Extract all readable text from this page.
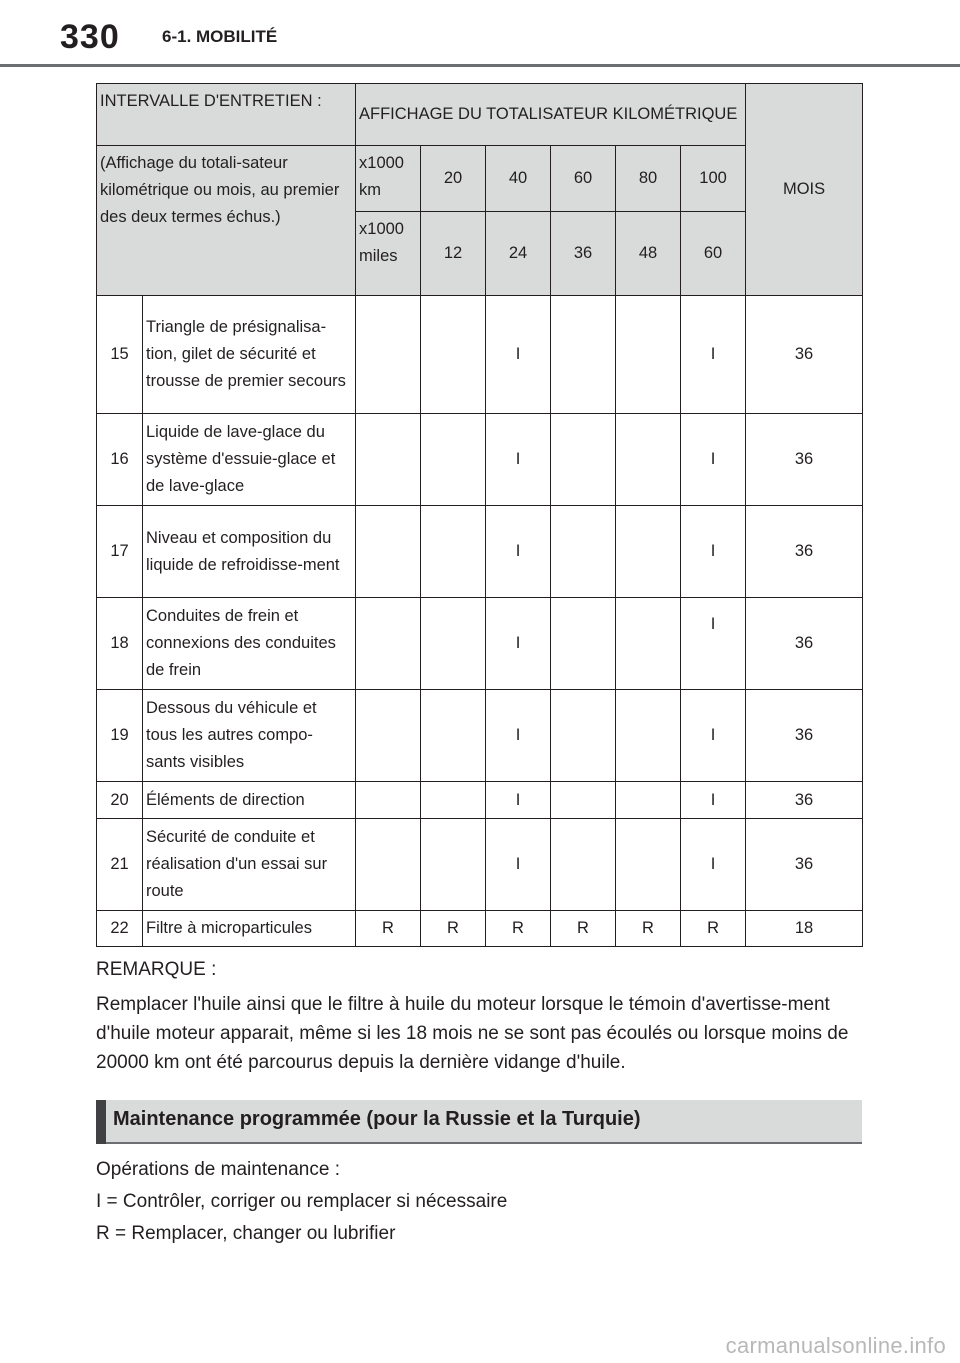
330 6-1. MOBILITÉ
INTERVALLE D'ENTRETIEN :		AFFICHAGE DU TOTALISATEUR KILOMÉTRIQUE						MOIS
(Affichage du totali-sateur kilométrique ou mois, au premier des deux termes échus.)		x1000 km	20	40	60	80	100	
		x1000 miles	12	24	36	48	60	
15	Triangle de présignalisa-tion, gilet de sécurité et trousse de premier secours			I			I	36
16	Liquide de lave-glace du système d'essuie-glace et de lave-glace			I			I	36
17	Niveau et composition du liquide de refroidisse-ment			I			I	36
18	Conduites de frein et connexions des conduites de frein			I			I	36
19	Dessous du véhicule et tous les autres compo-sants visibles			I			I	36
20	Éléments de direction			I			I	36
21	Sécurité de conduite et réalisation d'un essai sur route			I			I	36
22	Filtre à microparticules	R	R	R	R	R	R	18

REMARQUE :

Remplacer l'huile ainsi que le filtre à huile du moteur lorsque le témoin d'avertisse-ment d'huile moteur apparait, même si les 18 mois ne se sont pas écoulés ou lorsque moins de 20000 km ont été parcourus depuis la dernière vidange d'huile.

Maintenance programmée (pour la Russie et la Turquie)
Opérations de maintenance :
I = Contrôler, corriger ou remplacer si nécessaire
R = Remplacer, changer ou lubrifier
carmanualsonline.info
